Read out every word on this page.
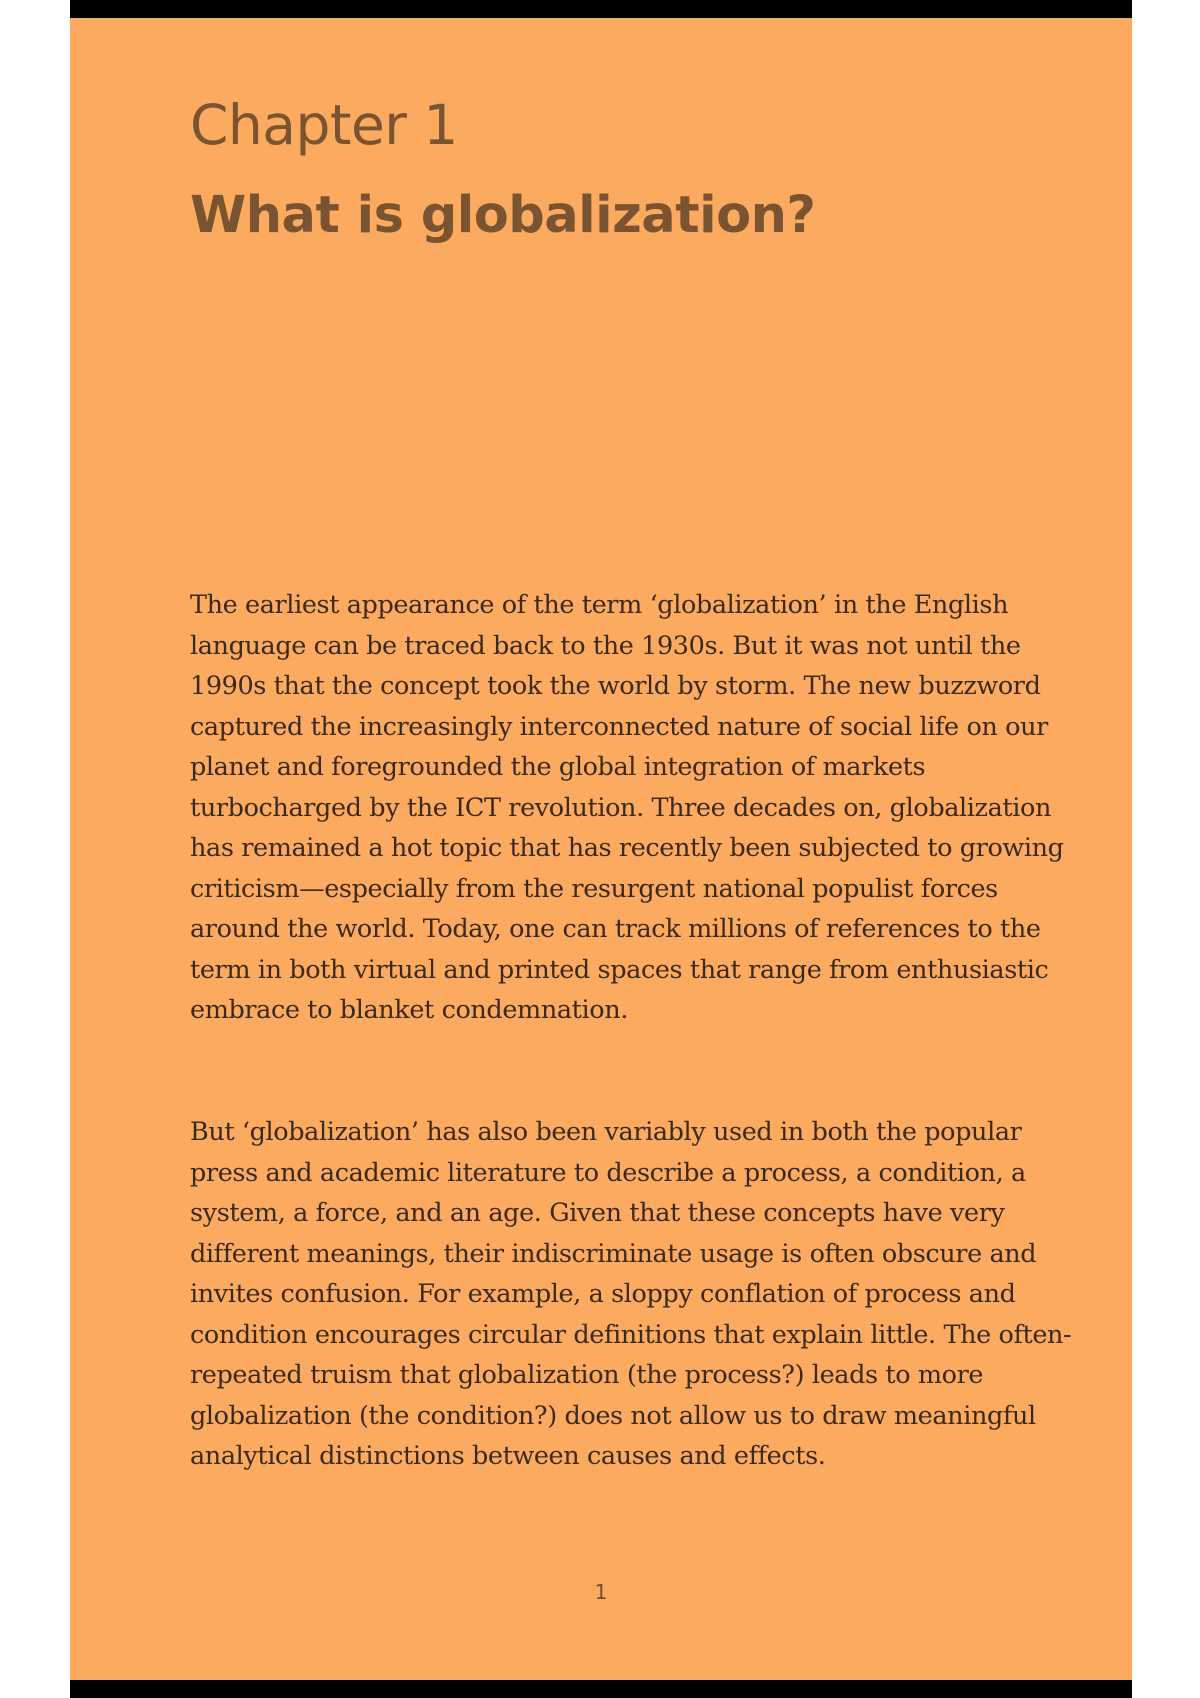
Chapter 1
What is globalization?

The earliest appearance of the term ‘globalization’ in the English language can be traced back to the 1930s. But it was not until the 1990s that the concept took the world by storm. The new buzzword captured the increasingly interconnected nature of social life on our planet and foregrounded the global integration of markets turbocharged by the ICT revolution. Three decades on, globalization has remained a hot topic that has recently been subjected to growing criticism—especially from the resurgent national populist forces around the world. Today, one can track millions of references to the term in both virtual and printed spaces that range from enthusiastic embrace to blanket condemnation.

But ‘globalization’ has also been variably used in both the popular press and academic literature to describe a process, a condition, a system, a force, and an age. Given that these concepts have very different meanings, their indiscriminate usage is often obscure and invites confusion. For example, a sloppy conflation of process and condition encourages circular definitions that explain little. The often-repeated truism that globalization (the process?) leads to more globalization (the condition?) does not allow us to draw meaningful analytical distinctions between causes and effects.

1
